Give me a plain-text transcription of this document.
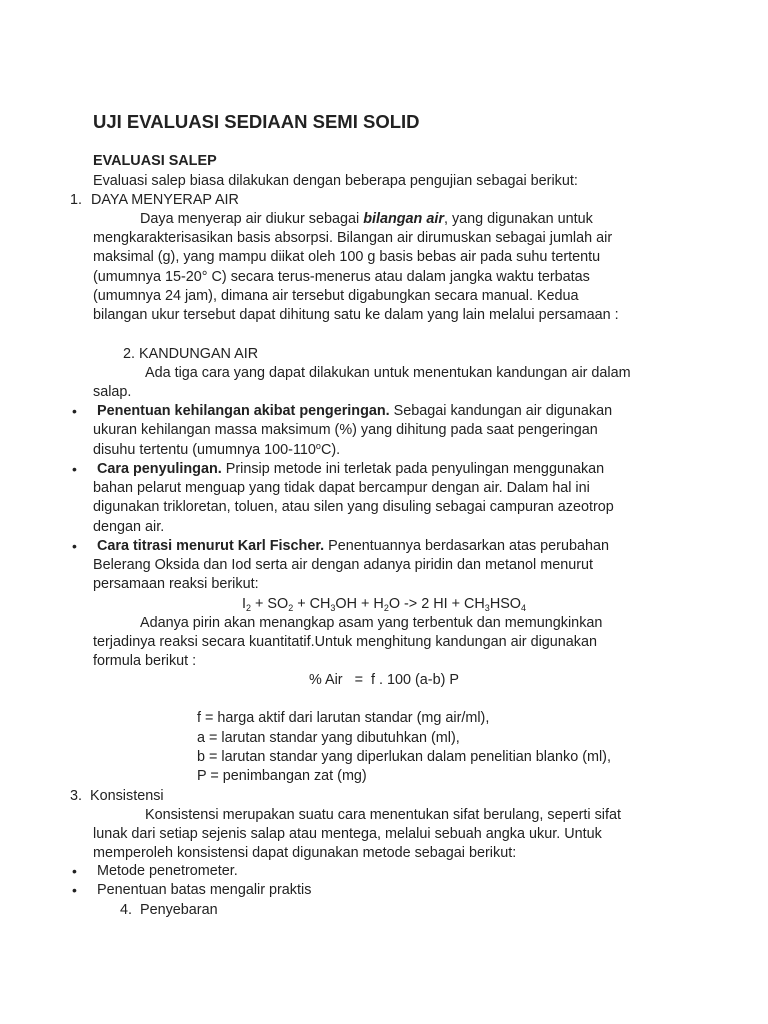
UJI EVALUASI SEDIAAN SEMI SOLID
EVALUASI SALEP
Evaluasi salep biasa dilakukan dengan beberapa pengujian sebagai berikut:
1. DAYA MENYERAP AIR
Daya menyerap air diukur sebagai bilangan air, yang digunakan untuk
mengkarakterisasikan basis absorpsi. Bilangan air dirumuskan sebagai jumlah air
maksimal (g), yang mampu diikat oleh 100 g basis bebas air pada suhu tertentu
(umumnya 15-20° C) secara terus-menerus atau dalam jangka waktu terbatas
(umumnya 24 jam), dimana air tersebut digabungkan secara manual. Kedua
bilangan ukur tersebut dapat dihitung satu ke dalam yang lain melalui persamaan :
2. KANDUNGAN AIR
Ada tiga cara yang dapat dilakukan untuk menentukan kandungan air dalam
salap.
• Penentuan kehilangan akibat pengeringan. Sebagai kandungan air digunakan
ukuran kehilangan massa maksimum (%) yang dihitung pada saat pengeringan
disuhu tertentu (umumnya 100-110$^o$C).
• Cara penyulingan. Prinsip metode ini terletak pada penyulingan menggunakan
bahan pelarut menguap yang tidak dapat bercampur dengan air. Dalam hal ini
digunakan trikloretan, toluen, atau silen yang disuling sebagai campuran azeotrop
dengan air.
• Cara titrasi menurut Karl Fischer. Penentuannya berdasarkan atas perubahan
Belerang Oksida dan Iod serta air dengan adanya piridin dan metanol menurut
persamaan reaksi berikut:
$I_2 + SO_2 + CH_3OH + H_2O -> 2$ HI + $CH_3HSO_4$
Adanya pirin akan menangkap asam yang terbentuk dan memungkinkan
terjadinya reaksi secara kuantitatif.Untuk menghitung kandungan air digunakan
formula berikut :
% Air   =  f . 100 (a-b) P
f = harga aktif dari larutan standar (mg air/ml),
a = larutan standar yang dibutuhkan (ml),
b = larutan standar yang diperlukan dalam penelitian blanko (ml),
P = penimbangan zat (mg)
3.  Konsistensi
Konsistensi merupakan suatu cara menentukan sifat berulang, seperti sifat
lunak dari setiap sejenis salap atau mentega, melalui sebuah angka ukur. Untuk
memperoleh konsistensi dapat digunakan metode sebagai berikut:
• Metode penetrometer.
• Penentuan batas mengalir praktis
4.  Penyebaran
